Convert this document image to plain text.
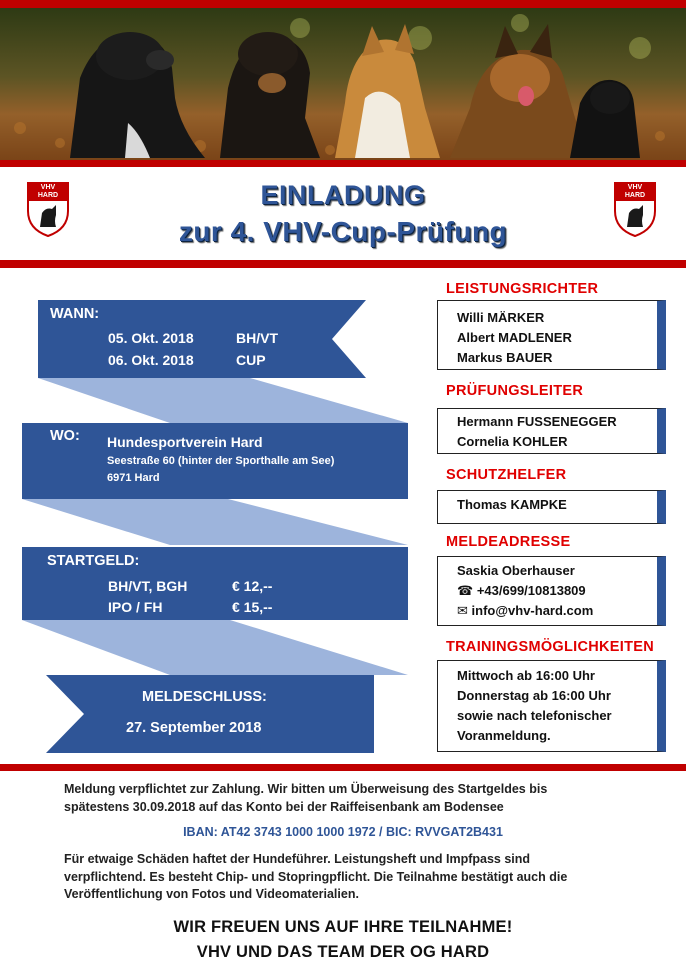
VHV
HARD
VHV
HARD
EINLADUNG
zur 4. VHV-Cup-Prüfung
WANN:
05. Okt. 2018	BH/VT
06. Okt. 2018	CUP
WO: Hundesportverein Hard
Seestraße 60 (hinter der Sporthalle am See)
6971 Hard
STARTGELD:
BH/VT, BGH	€ 12,--
IPO / FH	€ 15,--
MELDESCHLUSS:
27. September 2018
LEISTUNGSRICHTER
Willi MÄRKER
Albert MADLENER
Markus BAUER
PRÜFUNGSLEITER
Hermann FUSSENEGGER
Cornelia KOHLER
SCHUTZHELFER
Thomas KAMPKE
MELDEADRESSE
Saskia Oberhauser
☎ +43/699/10813809
✉ info@vhv-hard.com
TRAININGSMÖGLICHKEITEN
Mittwoch ab 16:00 Uhr
Donnerstag ab 16:00 Uhr
sowie nach telefonischer
Voranmeldung.
Meldung verpflichtet zur Zahlung. Wir bitten um Überweisung des Startgeldes bis
spätestens 30.09.2018 auf das Konto bei der Raiffeisenbank am Bodensee
IBAN: AT42 3743 1000 1000 1972 / BIC: RVVGAT2B431
Für etwaige Schäden haftet der Hundeführer. Leistungsheft und Impfpass sind
verpflichtend. Es besteht Chip- und Stopringpflicht. Die Teilnahme bestätigt auch die
Veröffentlichung von Fotos und Videomaterialien.
WIR FREUEN UNS AUF IHRE TEILNAHME!
VHV UND DAS TEAM DER OG HARD
